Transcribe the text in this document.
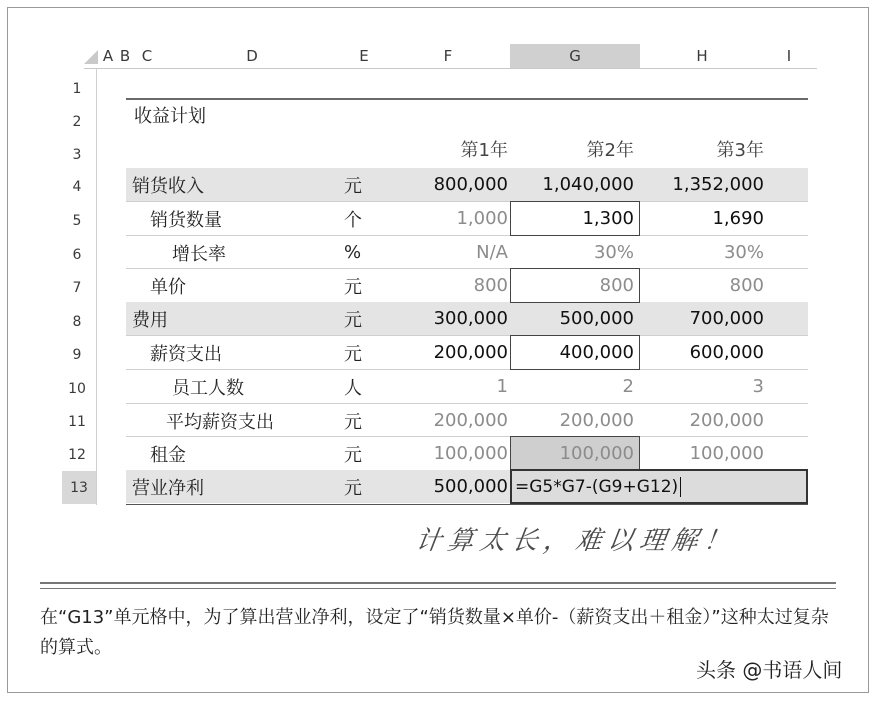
A B C	D	E	F	G	H	I
1
2
3
4
5
6
7
8
9
10
11
12
13
收益计划
第1年	第2年	第3年
销货收入	元	800,000	1,040,000	1,352,000
销货数量	个	1,000	1,300	1,690
增长率	%	N/A	30%	30%
单价	元	800	800	800
费用	元	300,000	500,000	700,000
薪资支出	元	200,000	400,000	600,000
员工人数	人	1	2	3
平均薪资支出	元	200,000	200,000	200,000
租金	元	100,000	100,000	100,000
营业净利	元	500,000 =G5*G7-(G9+G12)
计算太长，难以理解！
在“G13”单元格中，为了算出营业净利，设定了“销货数量×单价-（薪资支出＋租金）”这种太过复杂的算式。
头条 @书语人间
